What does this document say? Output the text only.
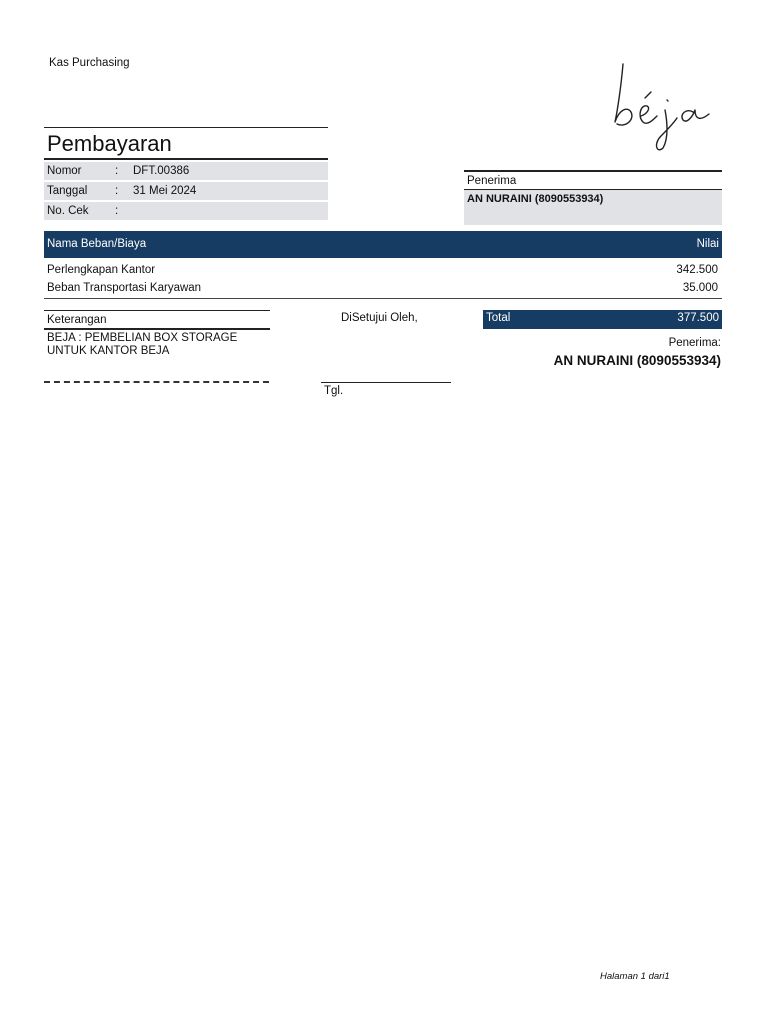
Kas Purchasing
Pembayaran
Nomor	: DFT.00386
Tanggal : 31 Mei 2024
No. Cek :
Penerima
AN NURAINI (8090553934)
Nama Beban/Biaya	Nilai
Perlengkapan Kantor	342.500
Beban Transportasi Karyawan	35.000
Keterangan
BEJA : PEMBELIAN BOX STORAGE UNTUK KANTOR BEJA
DiSetujui Oleh,
Tgl.
Total	377.500
Penerima:
AN NURAINI (8090553934)
Halaman 1 dari1
